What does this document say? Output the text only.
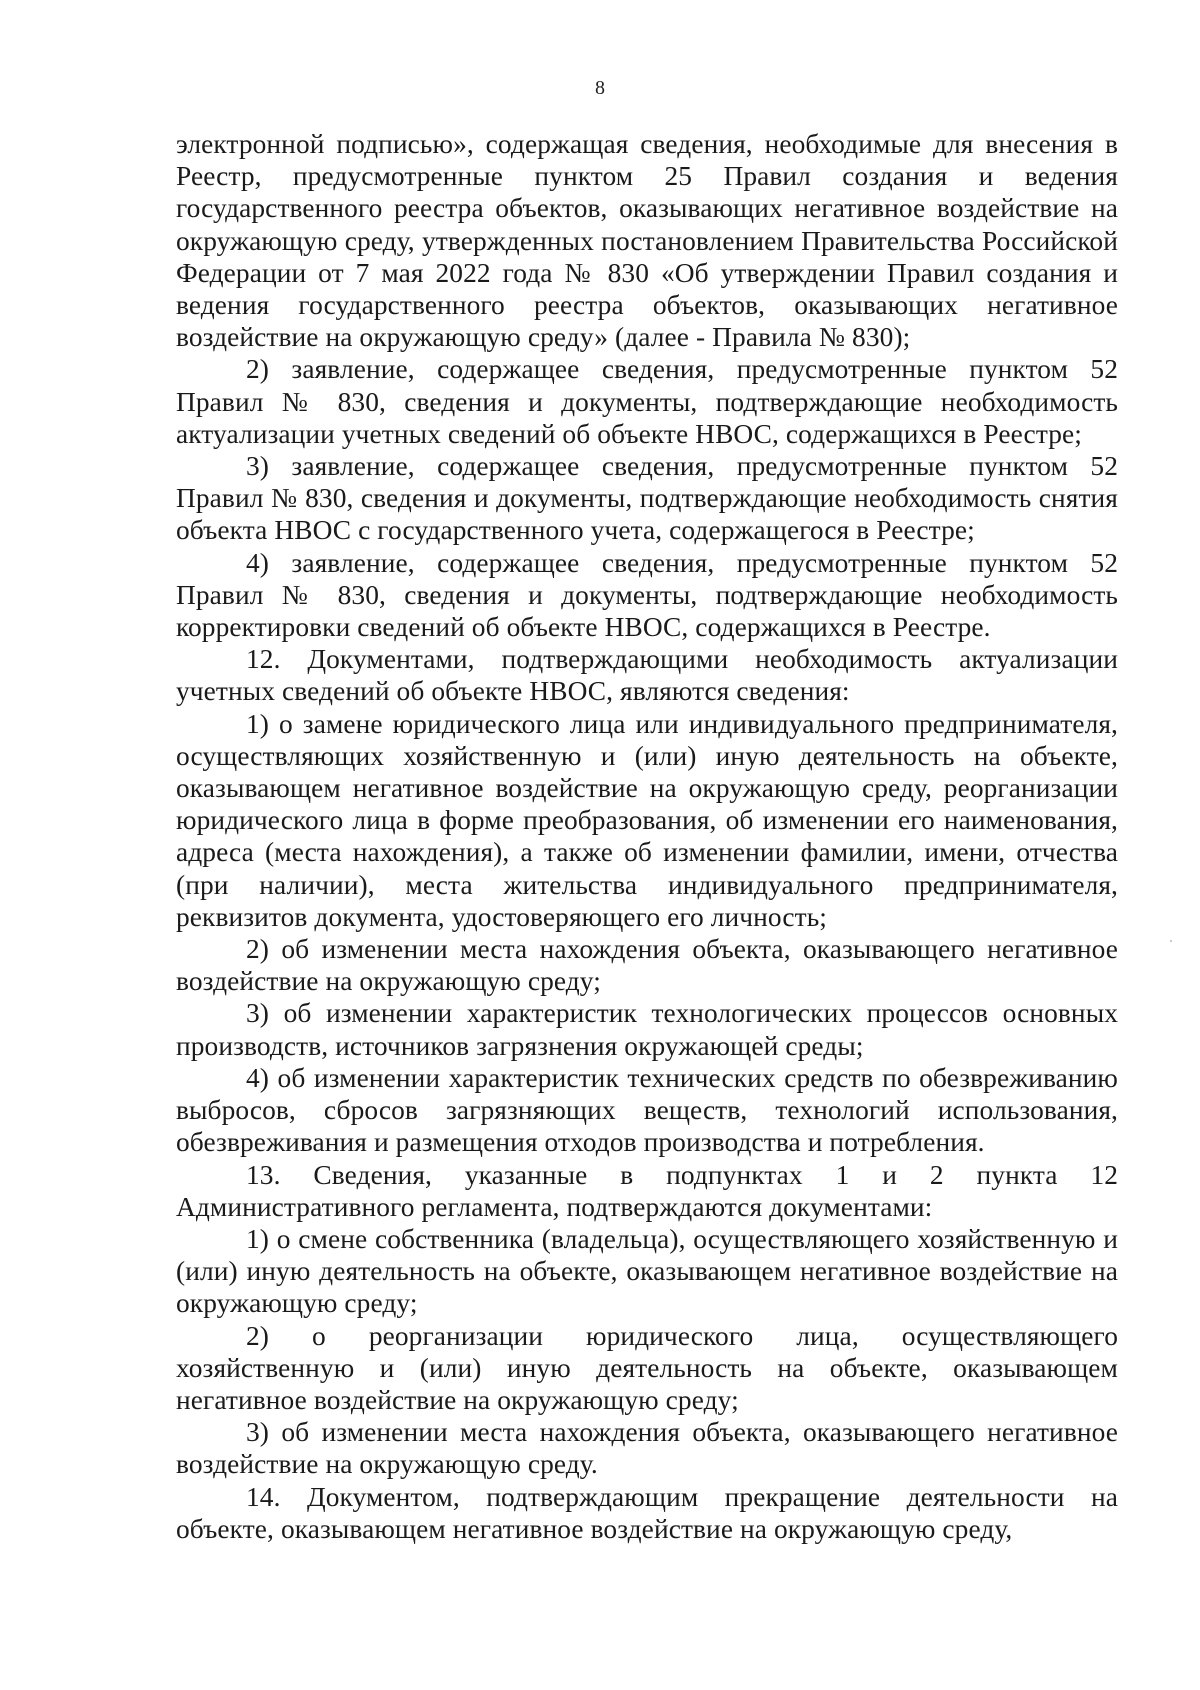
8

электронной подписью», содержащая сведения, необходимые для внесения в Реестр, предусмотренные пунктом 25 Правил создания и ведения государственного реестра объектов, оказывающих негативное воздействие на окружающую среду, утвержденных постановлением Правительства Российской Федерации от 7 мая 2022 года № 830 «Об утверждении Правил создания и ведения государственного реестра объектов, оказывающих негативное воздействие на окружающую среду» (далее - Правила № 830);

2) заявление, содержащее сведения, предусмотренные пунктом 52 Правил № 830, сведения и документы, подтверждающие необходимость актуализации учетных сведений об объекте НВОС, содержащихся в Реестре;

3) заявление, содержащее сведения, предусмотренные пунктом 52 Правил № 830, сведения и документы, подтверждающие необходимость снятия объекта НВОС с государственного учета, содержащегося в Реестре;

4) заявление, содержащее сведения, предусмотренные пунктом 52 Правил № 830, сведения и документы, подтверждающие необходимость корректировки сведений об объекте НВОС, содержащихся в Реестре.

12. Документами, подтверждающими необходимость актуализации учетных сведений об объекте НВОС, являются сведения:

1) о замене юридического лица или индивидуального предпринимателя, осуществляющих хозяйственную и (или) иную деятельность на объекте, оказывающем негативное воздействие на окружающую среду, реорганизации юридического лица в форме преобразования, об изменении его наименования, адреса (места нахождения), а также об изменении фамилии, имени, отчества (при наличии), места жительства индивидуального предпринимателя, реквизитов документа, удостоверяющего его личность;

2) об изменении места нахождения объекта, оказывающего негативное воздействие на окружающую среду;

3) об изменении характеристик технологических процессов основных производств, источников загрязнения окружающей среды;

4) об изменении характеристик технических средств по обезвреживанию выбросов, сбросов загрязняющих веществ, технологий использования, обезвреживания и размещения отходов производства и потребления.

13. Сведения, указанные в подпунктах 1 и 2 пункта 12 Административного регламента, подтверждаются документами:

1) о смене собственника (владельца), осуществляющего хозяйственную и (или) иную деятельность на объекте, оказывающем негативное воздействие на окружающую среду;

2) о реорганизации юридического лица, осуществляющего хозяйственную и (или) иную деятельность на объекте, оказывающем негативное воздействие на окружающую среду;

3) об изменении места нахождения объекта, оказывающего негативное воздействие на окружающую среду.

14. Документом, подтверждающим прекращение деятельности на объекте, оказывающем негативное воздействие на окружающую среду,
